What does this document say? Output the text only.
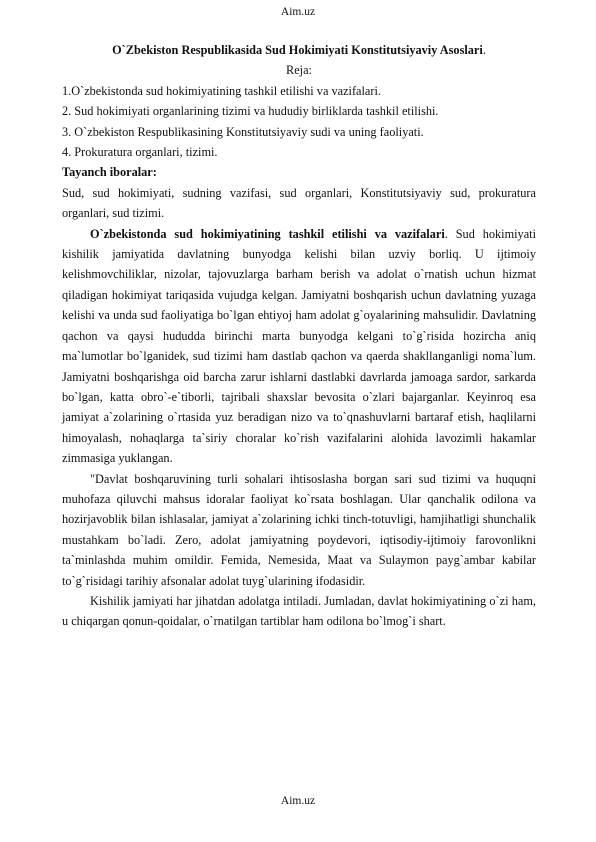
Aim.uz

O`Zbekiston Respublikasida Sud Hokimiyati Konstitutsiyaviy Asoslari.

Reja:

1.O`zbekistonda sud hokimiyatining tashkil etilishi va vazifalari.

2. Sud hokimiyati organlarining tizimi va hududiy birliklarda tashkil etilishi.

3. O`zbekiston Respublikasining Konstitutsiyaviy sudi va uning faoliyati.

4. Prokuratura organlari, tizimi.

Tayanch iboralar:

Sud, sud hokimiyati, sudning vazifasi, sud organlari, Konstitutsiyaviy sud, prokuratura organlari, sud tizimi.

O`zbekistonda sud hokimiyatining tashkil etilishi va vazifalari. Sud hokimiyati kishilik jamiyatida davlatning bunyodga kelishi bilan uzviy borliq. U ijtimoiy kelishmovchiliklar, nizolar, tajovuzlarga barham berish va adolat o`rnatish uchun hizmat qiladigan hokimiyat tariqasida vujudga kelgan. Jamiyatni boshqarish uchun davlatning yuzaga kelishi va unda sud faoliyatiga bo`lgan ehtiyoj ham adolat g`oyalarining mahsulidir. Davlatning qachon va qaysi hududda birinchi marta bunyodga kelgani to`g`risida hozircha aniq ma`lumotlar bo`lganidek, sud tizimi ham dastlab qachon va qaerda shakllanganligi noma`lum. Jamiyatni boshqarishga oid barcha zarur ishlarni dastlabki davrlarda jamoaga sardor, sarkarda bo`lgan, katta obro`-e`tiborli, tajribali shaxslar bevosita o`zlari bajarganlar. Keyinroq esa jamiyat a`zolarining o`rtasida yuz beradigan nizo va to`qnashuvlarni bartaraf etish, haqlilarni himoyalash, nohaqlarga ta`siriy choralar ko`rish vazifalarini alohida lavozimli hakamlar zimmasiga yuklangan.

"Davlat boshqaruvining turli sohalari ihtisoslasha borgan sari sud tizimi va huquqni muhofaza qiluvchi mahsus idoralar faoliyat ko`rsata boshlagan. Ular qanchalik odilona va hozirjavoblik bilan ishlasalar, jamiyat a`zolarining ichki tinch-totuvligi, hamjihatligi shunchalik mustahkam bo`ladi. Zero, adolat jamiyatning poydevori, iqtisodiy-ijtimoiy farovonlikni ta`minlashda muhim omildir. Femida, Nemesida, Maat va Sulaymon payg`ambar kabilar to`g`risidagi tarihiy afsonalar adolat tuyg`ularining ifodasidir.

Kishilik jamiyati har jihatdan adolatga intiladi. Jumladan, davlat hokimiyatining o`zi ham, u chiqargan qonun-qoidalar, o`rnatilgan tartiblar ham odilona bo`lmog`i shart.

Aim.uz
